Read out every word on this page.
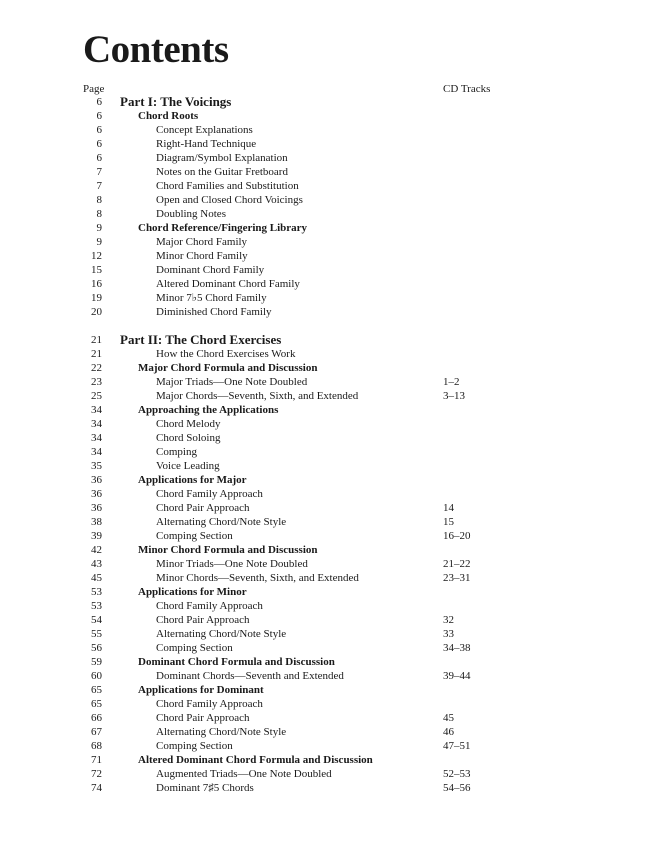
Contents
Page	CD Tracks
6 Part I: The Voicings
6	Chord Roots
6	Concept Explanations
6	Right-Hand Technique
6	Diagram/Symbol Explanation
7	Notes on the Guitar Fretboard
7	Chord Families and Substitution
8	Open and Closed Chord Voicings
8	Doubling Notes
9	Chord Reference/Fingering Library
9	Major Chord Family
12	Minor Chord Family
15	Dominant Chord Family
16	Altered Dominant Chord Family
19	Minor 7♭5 Chord Family
20	Diminished Chord Family
21 Part II: The Chord Exercises
21	How the Chord Exercises Work
22	Major Chord Formula and Discussion
23	Major Triads—One Note Doubled	1–2
25	Major Chords—Seventh, Sixth, and Extended	3–13
34	Approaching the Applications
34	Chord Melody
34	Chord Soloing
34	Comping
35	Voice Leading
36	Applications for Major
36	Chord Family Approach
36	Chord Pair Approach	14
38	Alternating Chord/Note Style	15
39	Comping Section	16–20
42	Minor Chord Formula and Discussion
43	Minor Triads—One Note Doubled	21–22
45	Minor Chords—Seventh, Sixth, and Extended	23–31
53	Applications for Minor
53	Chord Family Approach
54	Chord Pair Approach	32
55	Alternating Chord/Note Style	33
56	Comping Section	34–38
59	Dominant Chord Formula and Discussion
60	Dominant Chords—Seventh and Extended	39–44
65	Applications for Dominant
65	Chord Family Approach
66	Chord Pair Approach	45
67	Alternating Chord/Note Style	46
68	Comping Section	47–51
71	Altered Dominant Chord Formula and Discussion
72	Augmented Triads—One Note Doubled	52–53
74	Dominant 7♯5 Chords	54–56
